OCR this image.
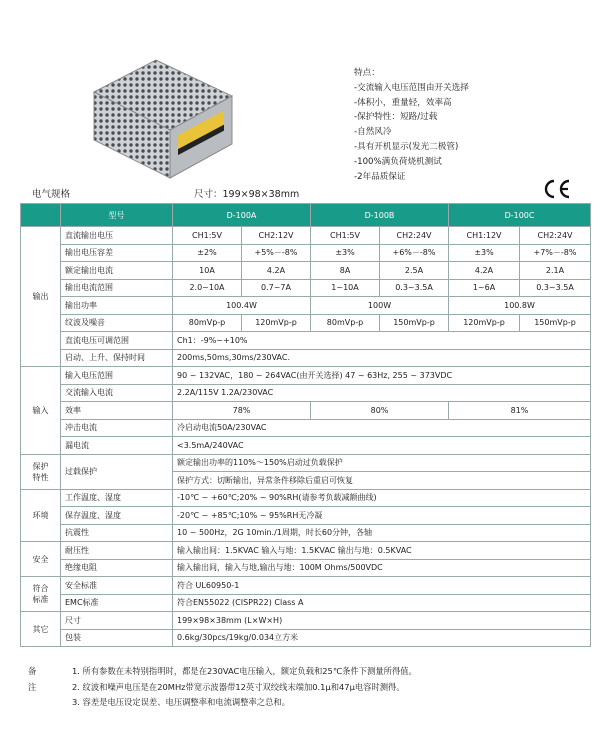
特点：
-交流输入电压范围由开关选择
-体积小，重量轻，效率高
-保护特性：短路/过载
-自然风冷
-具有开机显示(发光二极管)
-100%满负荷烧机测试
-2年品质保证
电气规格	尺寸：199×98×38mm
	型号	D-100A		D-100B		D-100C	
输出	直流输出电压	CH1:5V	CH2:12V	CH1:5V	CH2:24V	CH1:12V	CH2:24V
	输出电压容差	±2%	+5%－-8%	±3%	+6%－-8%	±3%	+7%－-8%
	额定输出电流	10A	4.2A	8A	2.5A	4.2A	2.1A
	输出电流范围	2.0~10A	0.7~7A	1~10A	0.3~3.5A	1~6A	0.3~3.5A
	输出功率	100.4W		100W		100.8W	
	纹波及噪音	80mVp-p	120mVp-p	80mVp-p	150mVp-p	120mVp-p	150mVp-p
	直流电压可调范围	Ch1：-9%~+10%					
	启动、上升、保持时间	200ms,50ms,30ms/230VAC.					
输入	输入电压范围	90 ~ 132VAC，180 ~ 264VAC(由开关选择) 47 ~ 63Hz, 255 ~ 373VDC					
	交流输入电流	2.2A/115V 1.2A/230VAC					
	效率	78%		80%		81%	
	冲击电流	冷启动电流50A/230VAC					
	漏电流	<3.5mA/240VAC					
保护
特性	过载保护	额定输出功率的110%～150%启动过负载保护					
		保护方式：切断输出，异常条件移除后重启可恢复					
环境	工作温度、湿度	-10℃ ~ +60℃;20% ~ 90%RH(请参考负载减额曲线)					
	保存温度、湿度	-20℃ ~ +85℃;10% ~ 95%RH无冷凝					
	抗震性	10 ~ 500Hz，2G 10min./1周期，时长60分钟，各轴					
安全	耐压性	输入输出间：1.5KVAC 输入与地：1.5KVAC 输出与地：0.5KVAC					
	绝缘电阻	输入输出间，输入与地,输出与地：100M Ohms/500VDC					
符合
标准	安全标准	符合 UL60950-1					
	EMC标准	符合EN55022 (CISPR22) Class A					
其它	尺寸	199×98×38mm (L×W×H)					
	包装	0.6kg/30pcs/19kg/0.034立方米					
备注
1. 所有参数在未特别指明时，都是在230VAC电压输入，额定负载和25℃条件下测量所得值。
2. 纹波和噪声电压是在20MHz带宽示波器带12英寸双绞线末端加0.1μ和47μ电容时测得。
3. 容差是电压设定误差、电压调整率和电流调整率之总和。
